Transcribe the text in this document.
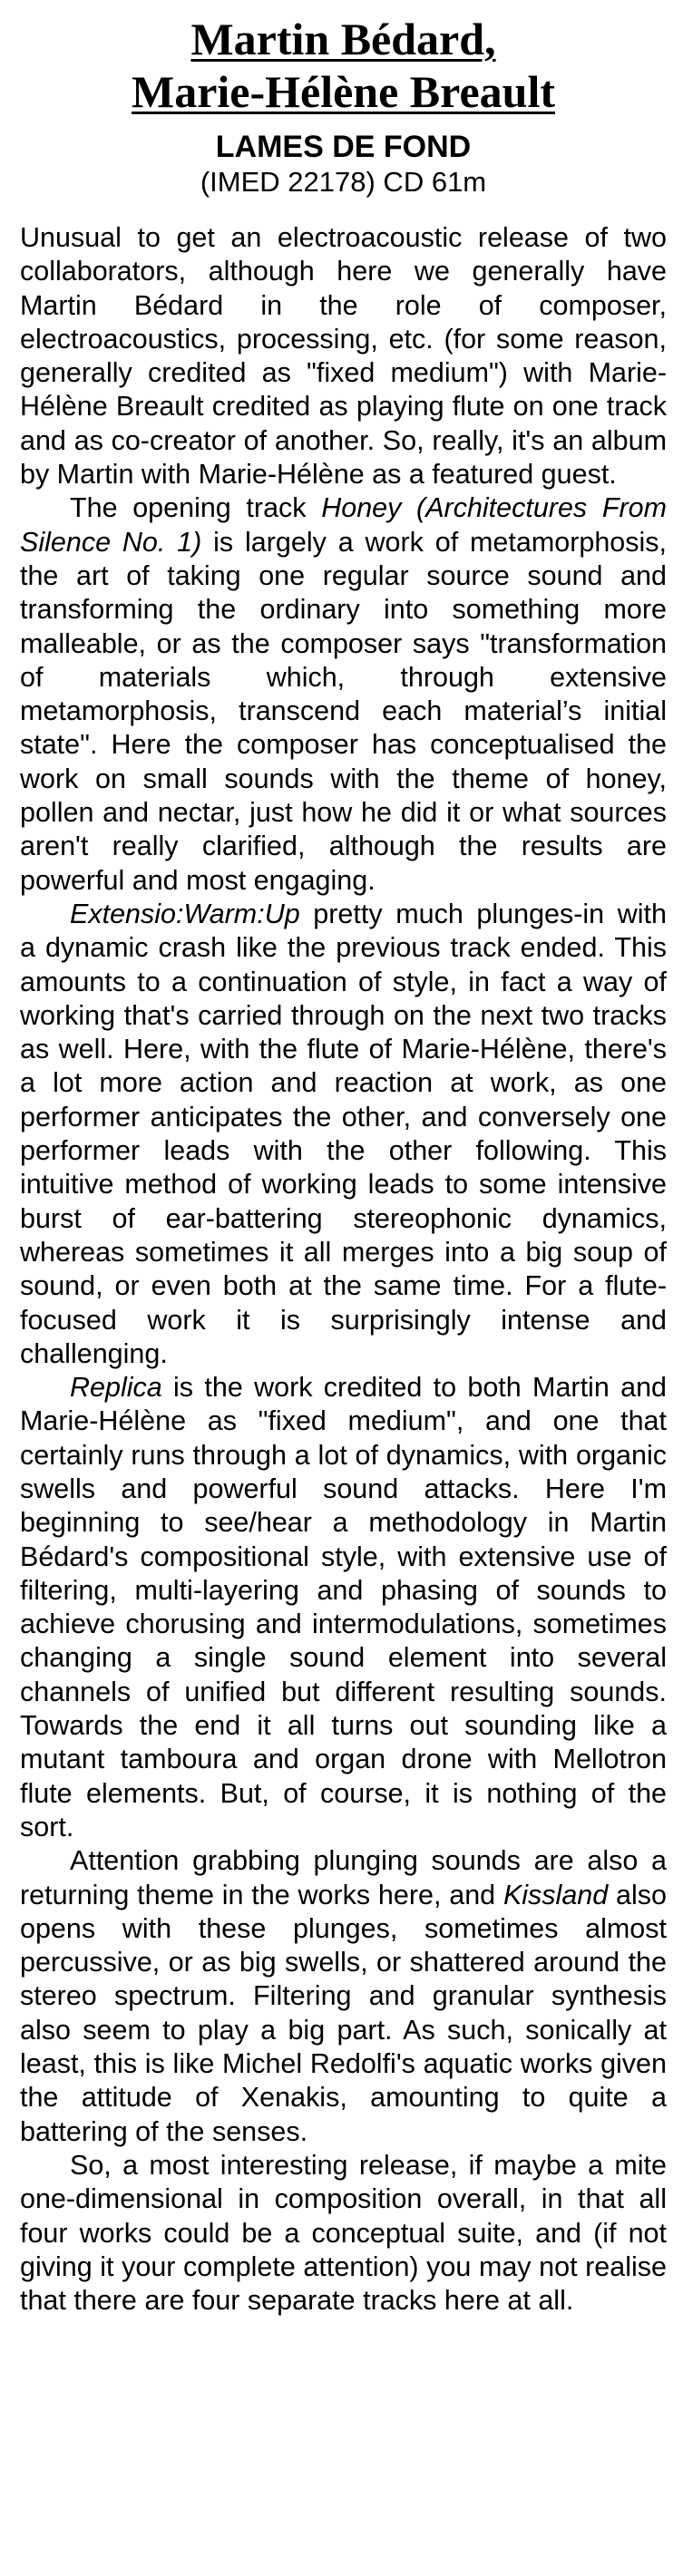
Martin Bédard,
Marie-Hélène Breault
LAMES DE FOND
(IMED 22178) CD 61m

Unusual to get an electroacoustic release of two collaborators, although here we generally have Martin Bédard in the role of composer, electroacoustics, processing, etc. (for some reason, generally credited as "fixed medium") with Marie-Hélène Breault credited as playing flute on one track and as co-creator of another. So, really, it's an album by Martin with Marie-Hélène as a featured guest.

The opening track Honey (Architectures From Silence No. 1) is largely a work of metamorphosis, the art of taking one regular source sound and transforming the ordinary into something more malleable, or as the composer says "transformation of materials which, through extensive metamorphosis, transcend each material’s initial state". Here the composer has conceptualised the work on small sounds with the theme of honey, pollen and nectar, just how he did it or what sources aren't really clarified, although the results are powerful and most engaging.

Extensio:Warm:Up pretty much plunges-in with a dynamic crash like the previous track ended. This amounts to a continuation of style, in fact a way of working that's carried through on the next two tracks as well. Here, with the flute of Marie-Hélène, there's a lot more action and reaction at work, as one performer anticipates the other, and conversely one performer leads with the other following. This intuitive method of working leads to some intensive burst of ear-battering stereophonic dynamics, whereas sometimes it all merges into a big soup of sound, or even both at the same time. For a flute-focused work it is surprisingly intense and challenging.

Replica is the work credited to both Martin and Marie-Hélène as "fixed medium", and one that certainly runs through a lot of dynamics, with organic swells and powerful sound attacks. Here I'm beginning to see/hear a methodology in Martin Bédard's compositional style, with extensive use of filtering, multi-layering and phasing of sounds to achieve chorusing and intermodulations, sometimes changing a single sound element into several channels of unified but different resulting sounds. Towards the end it all turns out sounding like a mutant tamboura and organ drone with Mellotron flute elements. But, of course, it is nothing of the sort.

Attention grabbing plunging sounds are also a returning theme in the works here, and Kissland also opens with these plunges, sometimes almost percussive, or as big swells, or shattered around the stereo spectrum. Filtering and granular synthesis also seem to play a big part. As such, sonically at least, this is like Michel Redolfi's aquatic works given the attitude of Xenakis, amounting to quite a battering of the senses.

So, a most interesting release, if maybe a mite one-dimensional in composition overall, in that all four works could be a conceptual suite, and (if not giving it your complete attention) you may not realise that there are four separate tracks here at all.
